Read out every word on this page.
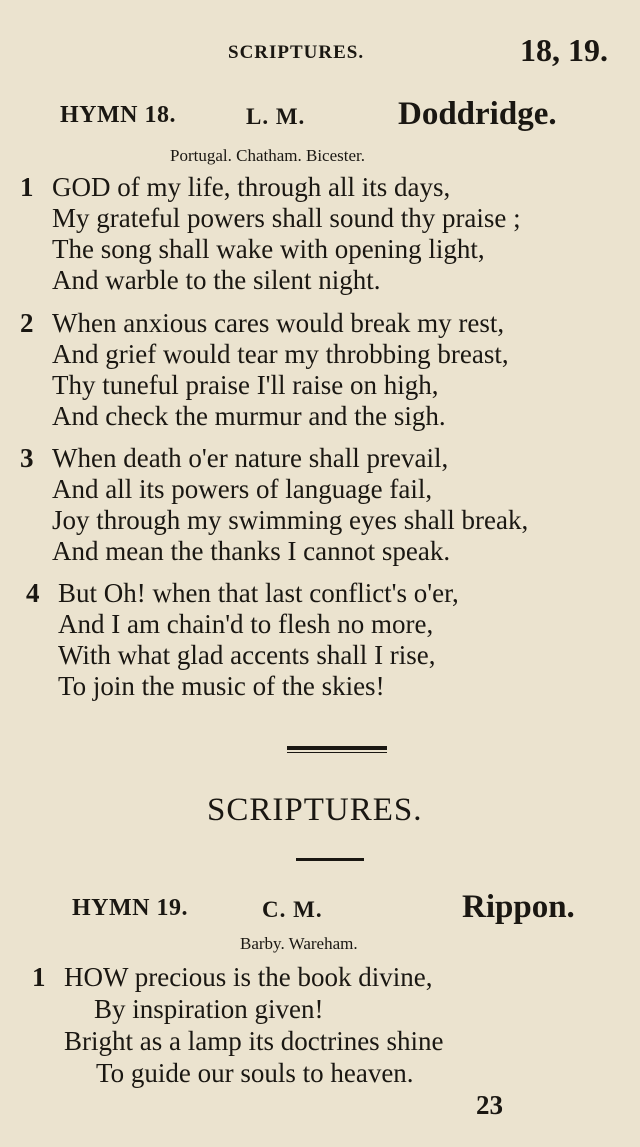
SCRIPTURES.	18, 19.
HYMN 18.	L. M.	Doddridge.
Portugal. Chatham. Bicester.
1 GOD of my life, through all its days,
My grateful powers shall sound thy praise ;
The song shall wake with opening light,
And warble to the silent night.
2 When anxious cares would break my rest,
And grief would tear my throbbing breast,
Thy tuneful praise I'll raise on high,
And check the murmur and the sigh.
3 When death o'er nature shall prevail,
And all its powers of language fail,
Joy through my swimming eyes shall break,
And mean the thanks I cannot speak.
4 But Oh! when that last conflict's o'er,
And I am chain'd to flesh no more,
With what glad accents shall I rise,
To join the music of the skies!
SCRIPTURES.
HYMN 19.	C. M.	Rippon.
Barby. Wareham.
1 HOW precious is the book divine,
By inspiration given!
Bright as a lamp its doctrines shine
To guide our souls to heaven.
23
